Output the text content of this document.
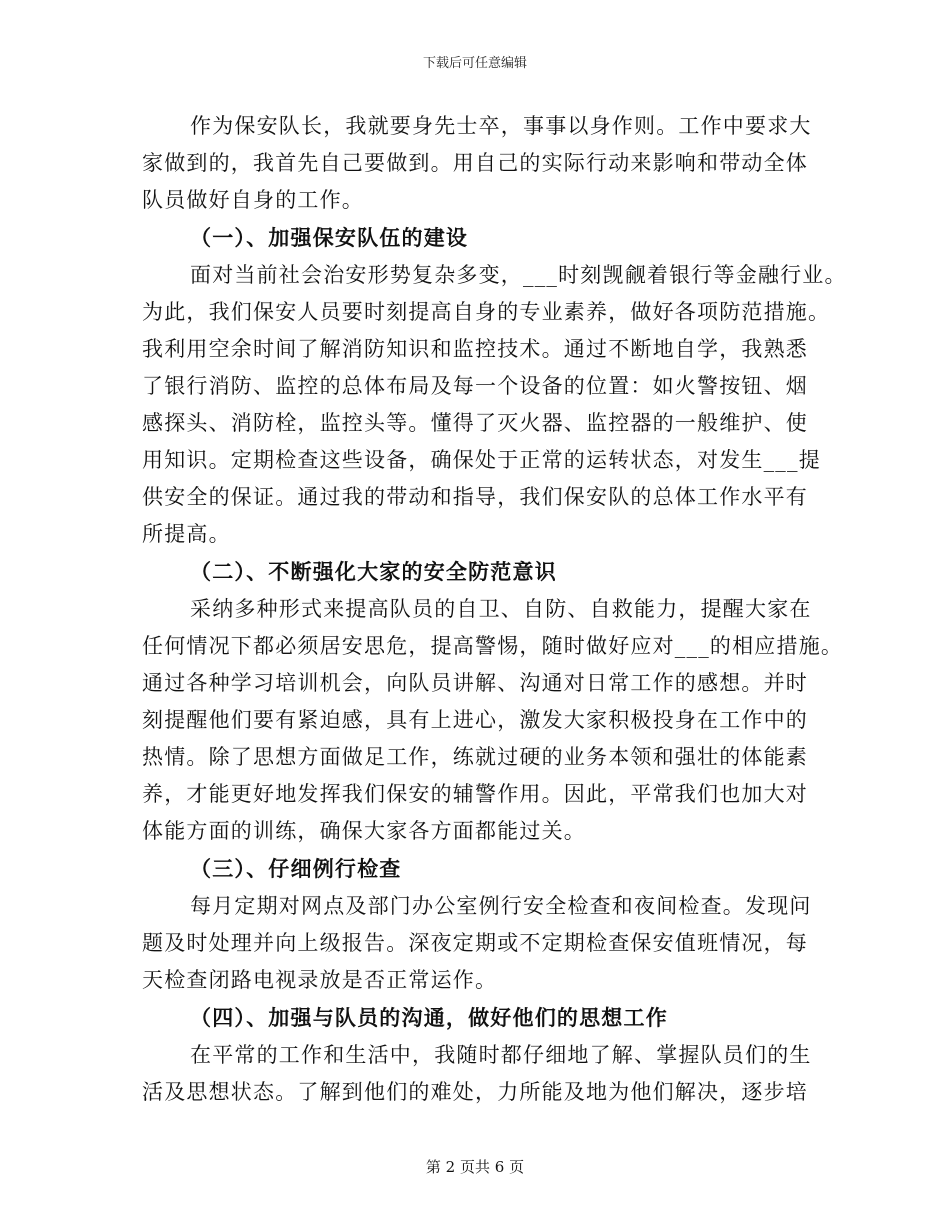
下载后可任意编辑
作为保安队长，我就要身先士卒，事事以身作则。工作中要求大
家做到的，我首先自己要做到。用自己的实际行动来影响和带动全体
队员做好自身的工作。
（一）、加强保安队伍的建设
面对当前社会治安形势复杂多变，___时刻觊觎着银行等金融行业。
为此，我们保安人员要时刻提高自身的专业素养，做好各项防范措施。
我利用空余时间了解消防知识和监控技术。通过不断地自学，我熟悉
了银行消防、监控的总体布局及每一个设备的位置：如火警按钮、烟
感探头、消防栓，监控头等。懂得了灭火器、监控器的一般维护、使
用知识。定期检查这些设备，确保处于正常的运转状态，对发生___提
供安全的保证。通过我的带动和指导，我们保安队的总体工作水平有
所提高。
（二）、不断强化大家的安全防范意识
采纳多种形式来提高队员的自卫、自防、自救能力，提醒大家在
任何情况下都必须居安思危，提高警惕，随时做好应对___的相应措施。
通过各种学习培训机会，向队员讲解、沟通对日常工作的感想。并时
刻提醒他们要有紧迫感，具有上进心，激发大家积极投身在工作中的
热情。除了思想方面做足工作，练就过硬的业务本领和强壮的体能素
养，才能更好地发挥我们保安的辅警作用。因此，平常我们也加大对
体能方面的训练，确保大家各方面都能过关。
（三）、仔细例行检查
每月定期对网点及部门办公室例行安全检查和夜间检查。发现问
题及时处理并向上级报告。深夜定期或不定期检查保安值班情况，每
天检查闭路电视录放是否正常运作。
（四）、加强与队员的沟通，做好他们的思想工作
在平常的工作和生活中，我随时都仔细地了解、掌握队员们的生
活及思想状态。了解到他们的难处，力所能及地为他们解决，逐步培
第 2 页共 6 页
